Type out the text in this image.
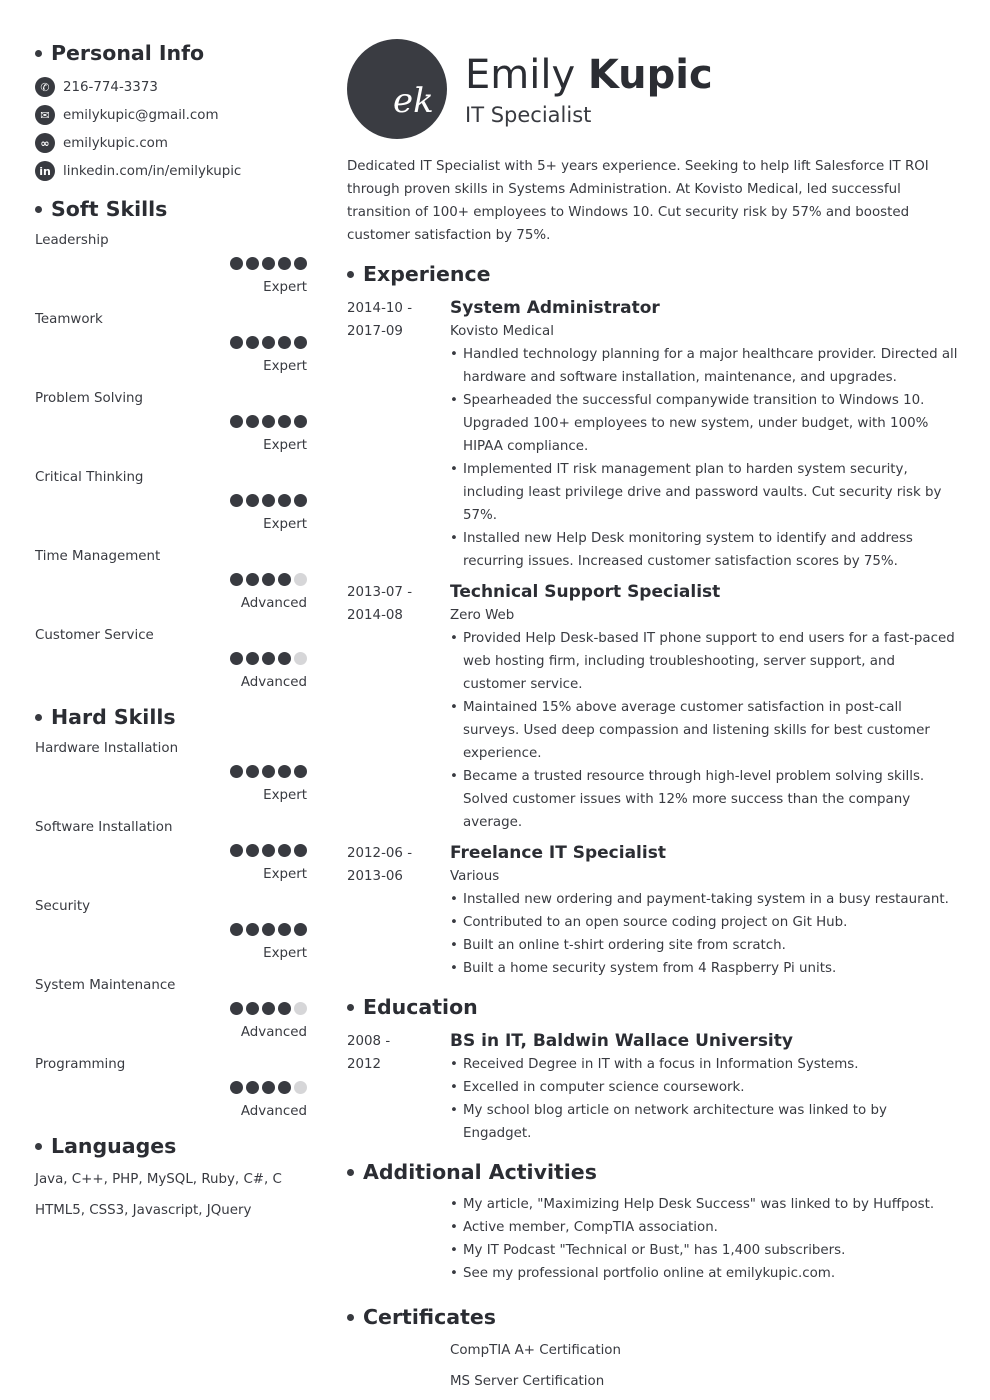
Personal Info
✆ 216-774-3373
✉ emilykupic@gmail.com
∞	emilykupic.com
in linkedin.com/in/emilykupic
Soft Skills
Leadership
Expert
Teamwork
Expert
Problem Solving
Expert
Critical Thinking
Expert
Time Management
Advanced
Customer Service
Advanced
Hard Skills
Hardware Installation
Expert
Software Installation
Expert
Security
Expert
System Maintenance
Advanced
Programming
Advanced
Languages
Java, C++, PHP, MySQL, Ruby, C#, C
HTML5, CSS3, Javascript, JQuery
ek
Emily Kupic
IT Specialist
Dedicated IT Specialist with 5+ years experience. Seeking to help lift Salesforce IT ROI through proven skills in Systems Administration. At Kovisto Medical, led successful transition of 100+ employees to Windows 10. Cut security risk by 57% and boosted customer satisfaction by 75%.
Experience
2014-10 -
2017-09
System Administrator
Kovisto Medical
• Handled technology planning for a major healthcare provider. Directed all hardware and software installation, maintenance, and upgrades.
• Spearheaded the successful companywide transition to Windows 10. Upgraded 100+ employees to new system, under budget, with 100% HIPAA compliance.
• Implemented IT risk management plan to harden system security, including least privilege drive and password vaults. Cut security risk by 57%.
• Installed new Help Desk monitoring system to identify and address recurring issues. Increased customer satisfaction scores by 75%.
2013-07 -
2014-08
Technical Support Specialist
Zero Web
• Provided Help Desk-based IT phone support to end users for a fast-paced web hosting firm, including troubleshooting, server support, and customer service.
• Maintained 15% above average customer satisfaction in post-call surveys. Used deep compassion and listening skills for best customer experience.
• Became a trusted resource through high-level problem solving skills. Solved customer issues with 12% more success than the company average.
2012-06 -
2013-06
Freelance IT Specialist
Various
• Installed new ordering and payment-taking system in a busy restaurant.
• Contributed to an open source coding project on Git Hub.
• Built an online t-shirt ordering site from scratch.
• Built a home security system from 4 Raspberry Pi units.
Education
2008 -
2012
BS in IT, Baldwin Wallace University
• Received Degree in IT with a focus in Information Systems.
• Excelled in computer science coursework.
• My school blog article on network architecture was linked to by Engadget.
Additional Activities
• My article, "Maximizing Help Desk Success" was linked to by Huffpost.
• Active member, CompTIA association.
• My IT Podcast "Technical or Bust," has 1,400 subscribers.
• See my professional portfolio online at emilykupic.com.
Certificates
CompTIA A+ Certification
MS Server Certification
